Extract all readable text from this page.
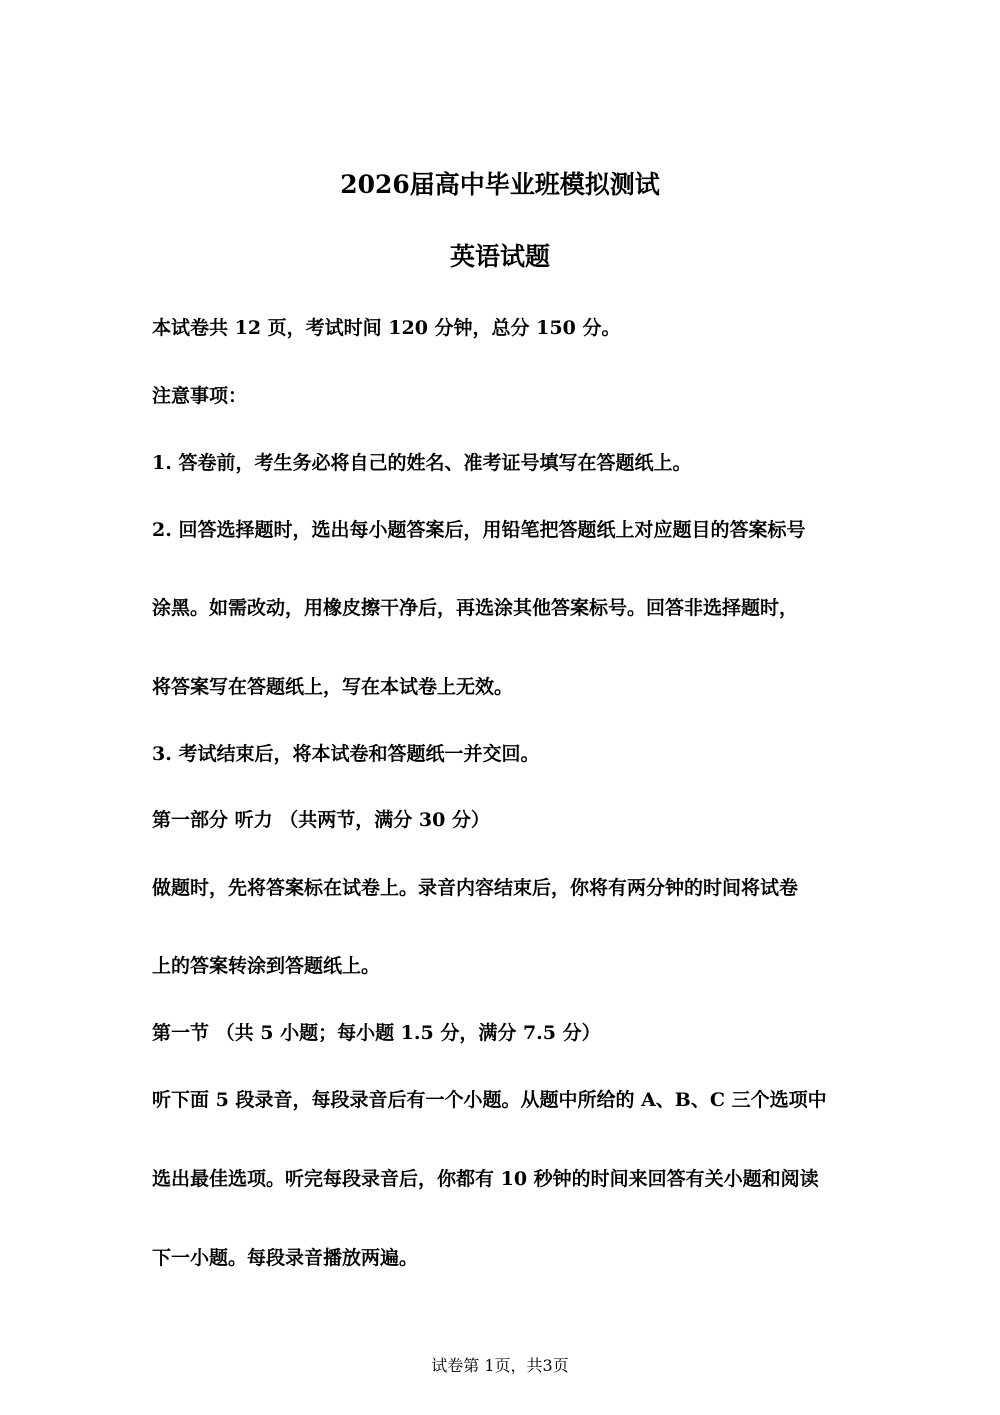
2026届高中毕业班模拟测试
英语试题

本试卷共 12 页，考试时间 120 分钟，总分 150 分。

注意事项：

1. 答卷前，考生务必将自己的姓名、准考证号填写在答题纸上。

2. 回答选择题时，选出每小题答案后，用铅笔把答题纸上对应题目的答案标号

涂黑。如需改动，用橡皮擦干净后，再选涂其他答案标号。回答非选择题时，

将答案写在答题纸上，写在本试卷上无效。

3. 考试结束后，将本试卷和答题纸一并交回。

第一部分 听力 （共两节，满分 30 分）

做题时，先将答案标在试卷上。录音内容结束后，你将有两分钟的时间将试卷

上的答案转涂到答题纸上。

第一节 （共 5 小题；每小题 1.5 分，满分 7.5 分）

听下面 5 段录音，每段录音后有一个小题。从题中所给的 A、B、C 三个选项中

选出最佳选项。听完每段录音后，你都有 10 秒钟的时间来回答有关小题和阅读

下一小题。每段录音播放两遍。

试卷第 1页，共3页
